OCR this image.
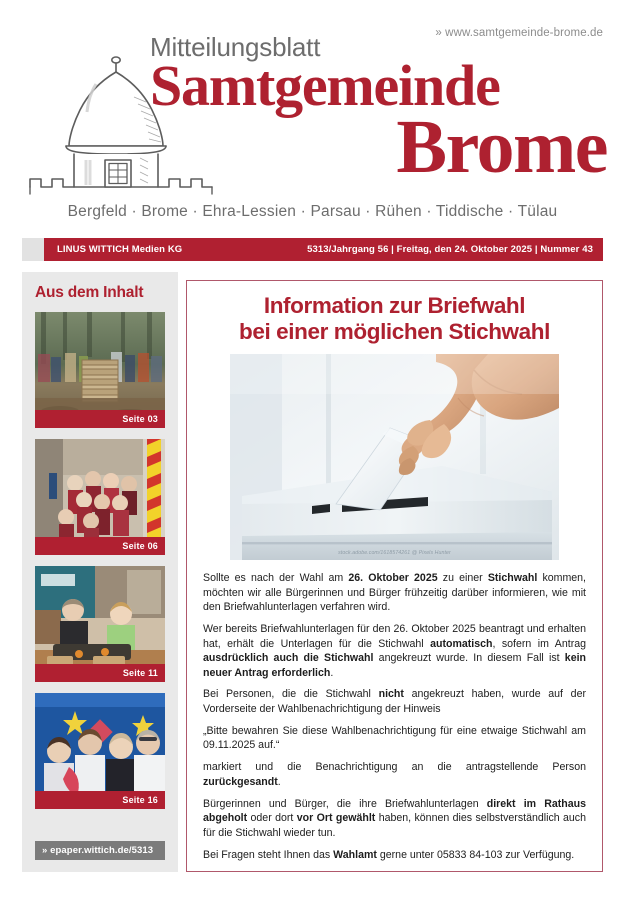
» www.samtgemeinde-brome.de
Mitteilungsblatt
Samtgemeinde
Brome
Bergfeld · Brome · Ehra-Lessien · Parsau · Rühen · Tiddische · Tülau
LINUS WITTICH Medien KG	5313/Jahrgang 56 | Freitag, den 24. Oktober 2025 | Nummer 43
Aus dem Inhalt
Seite 03
Seite 06
Seite 11
Seite 16
» epaper.wittich.de/5313
Information zur Briefwahl
bei einer möglichen Stichwahl
stock.adobe.com/1618574261 @ Pixels Hunter

Sollte es nach der Wahl am 26. Oktober 2025 zu einer Stichwahl kommen, möchten wir alle Bürgerinnen und Bürger frühzeitig darüber informieren, wie mit den Briefwahlunterlagen verfahren wird.

Wer bereits Briefwahlunterlagen für den 26. Oktober 2025 beantragt und erhalten hat, erhält die Unterlagen für die Stichwahl automatisch, sofern im Antrag ausdrücklich auch die Stichwahl angekreuzt wurde. In diesem Fall ist kein neuer Antrag erforderlich.

Bei Personen, die die Stichwahl nicht angekreuzt haben, wurde auf der Vorderseite der Wahlbenachrichtigung der Hinweis

„Bitte bewahren Sie diese Wahlbenachrichtigung für eine etwaige Stichwahl am 09.11.2025 auf.“

markiert und die Benachrichtigung an die antragstellende Person zurückgesandt.

Bürgerinnen und Bürger, die ihre Briefwahlunterlagen direkt im Rathaus abgeholt oder dort vor Ort gewählt haben, können dies selbstverständlich auch für die Stichwahl wieder tun.

Bei Fragen steht Ihnen das Wahlamt gerne unter 05833 84-103 zur Verfügung.
